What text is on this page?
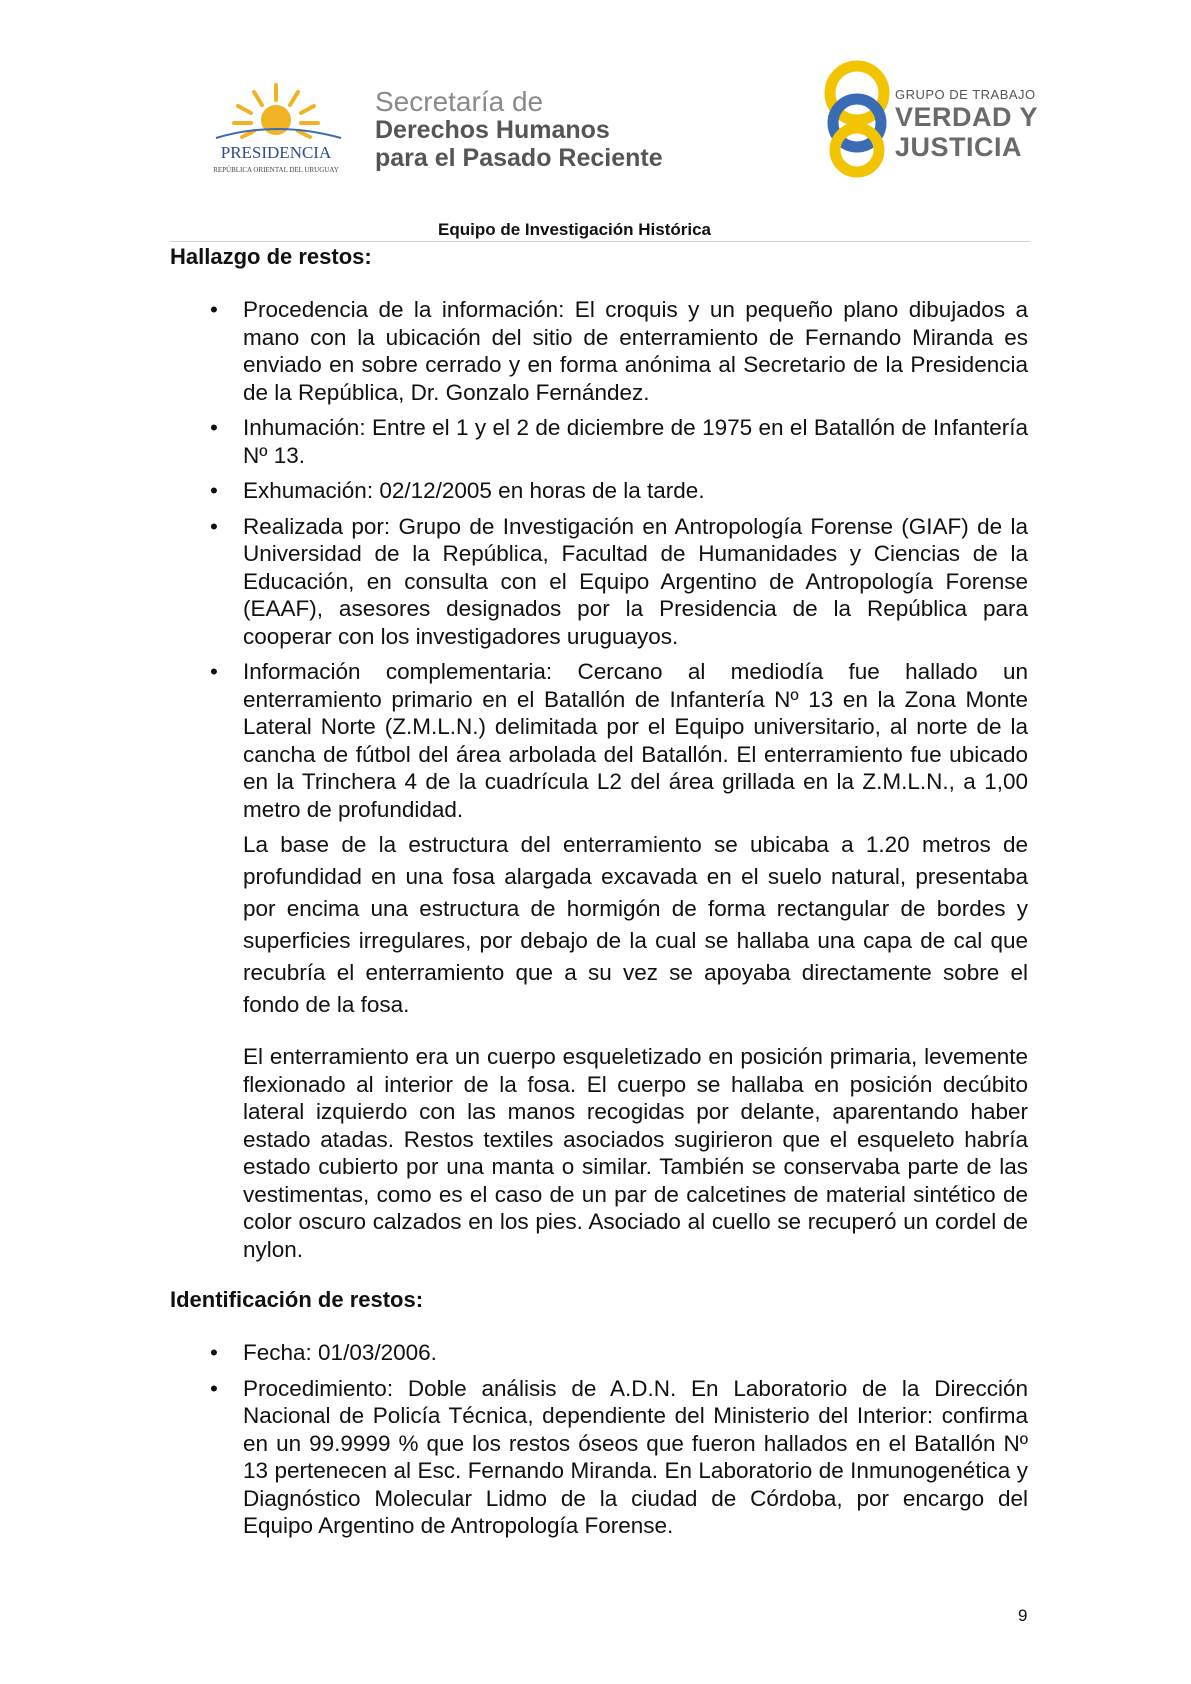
PRESIDENCIA
REPÚBLICA ORIENTAL DEL URUGUAY
Secretaría de
Derechos Humanos
para el Pasado Reciente
GRUPO DE TRABAJO
VERDAD Y
JUSTICIA
Equipo de Investigación Histórica
Hallazgo de restos:
• Procedencia de la información: El croquis y un pequeño plano dibujados a mano con la ubicación del sitio de enterramiento de Fernando Miranda es enviado en sobre cerrado y en forma anónima al Secretario de la Presidencia de la República, Dr. Gonzalo Fernández.
• Inhumación: Entre el 1 y el 2 de diciembre de 1975 en el Batallón de Infantería Nº 13.
• Exhumación: 02/12/2005 en horas de la tarde.
• Realizada por: Grupo de Investigación en Antropología Forense (GIAF) de la Universidad de la República, Facultad de Humanidades y Ciencias de la Educación, en consulta con el Equipo Argentino de Antropología Forense (EAAF), asesores designados por la Presidencia de la República para cooperar con los investigadores uruguayos.
• Información complementaria: Cercano al mediodía fue hallado un enterramiento primario en el Batallón de Infantería Nº 13 en la Zona Monte Lateral Norte (Z.M.L.N.) delimitada por el Equipo universitario, al norte de la cancha de fútbol del área arbolada del Batallón. El enterramiento fue ubicado en la Trinchera 4 de la cuadrícula L2 del área grillada en la Z.M.L.N., a 1,00 metro de profundidad.
La base de la estructura del enterramiento se ubicaba a 1.20 metros de profundidad en una fosa alargada excavada en el suelo natural, presentaba por encima una estructura de hormigón de forma rectangular de bordes y superficies irregulares, por debajo de la cual se hallaba una capa de cal que recubría el enterramiento que a su vez se apoyaba directamente sobre el fondo de la fosa.
El enterramiento era un cuerpo esqueletizado en posición primaria, levemente flexionado al interior de la fosa. El cuerpo se hallaba en posición decúbito lateral izquierdo con las manos recogidas por delante, aparentando haber estado atadas. Restos textiles asociados sugirieron que el esqueleto habría estado cubierto por una manta o similar. También se conservaba parte de las vestimentas, como es el caso de un par de calcetines de material sintético de color oscuro calzados en los pies. Asociado al cuello se recuperó un cordel de nylon.
Identificación de restos:
• Fecha: 01/03/2006.
• Procedimiento: Doble análisis de A.D.N. En Laboratorio de la Dirección Nacional de Policía Técnica, dependiente del Ministerio del Interior: confirma en un 99.9999 % que los restos óseos que fueron hallados en el Batallón Nº 13 pertenecen al Esc. Fernando Miranda. En Laboratorio de Inmunogenética y Diagnóstico Molecular Lidmo de la ciudad de Córdoba, por encargo del Equipo Argentino de Antropología Forense.
9
